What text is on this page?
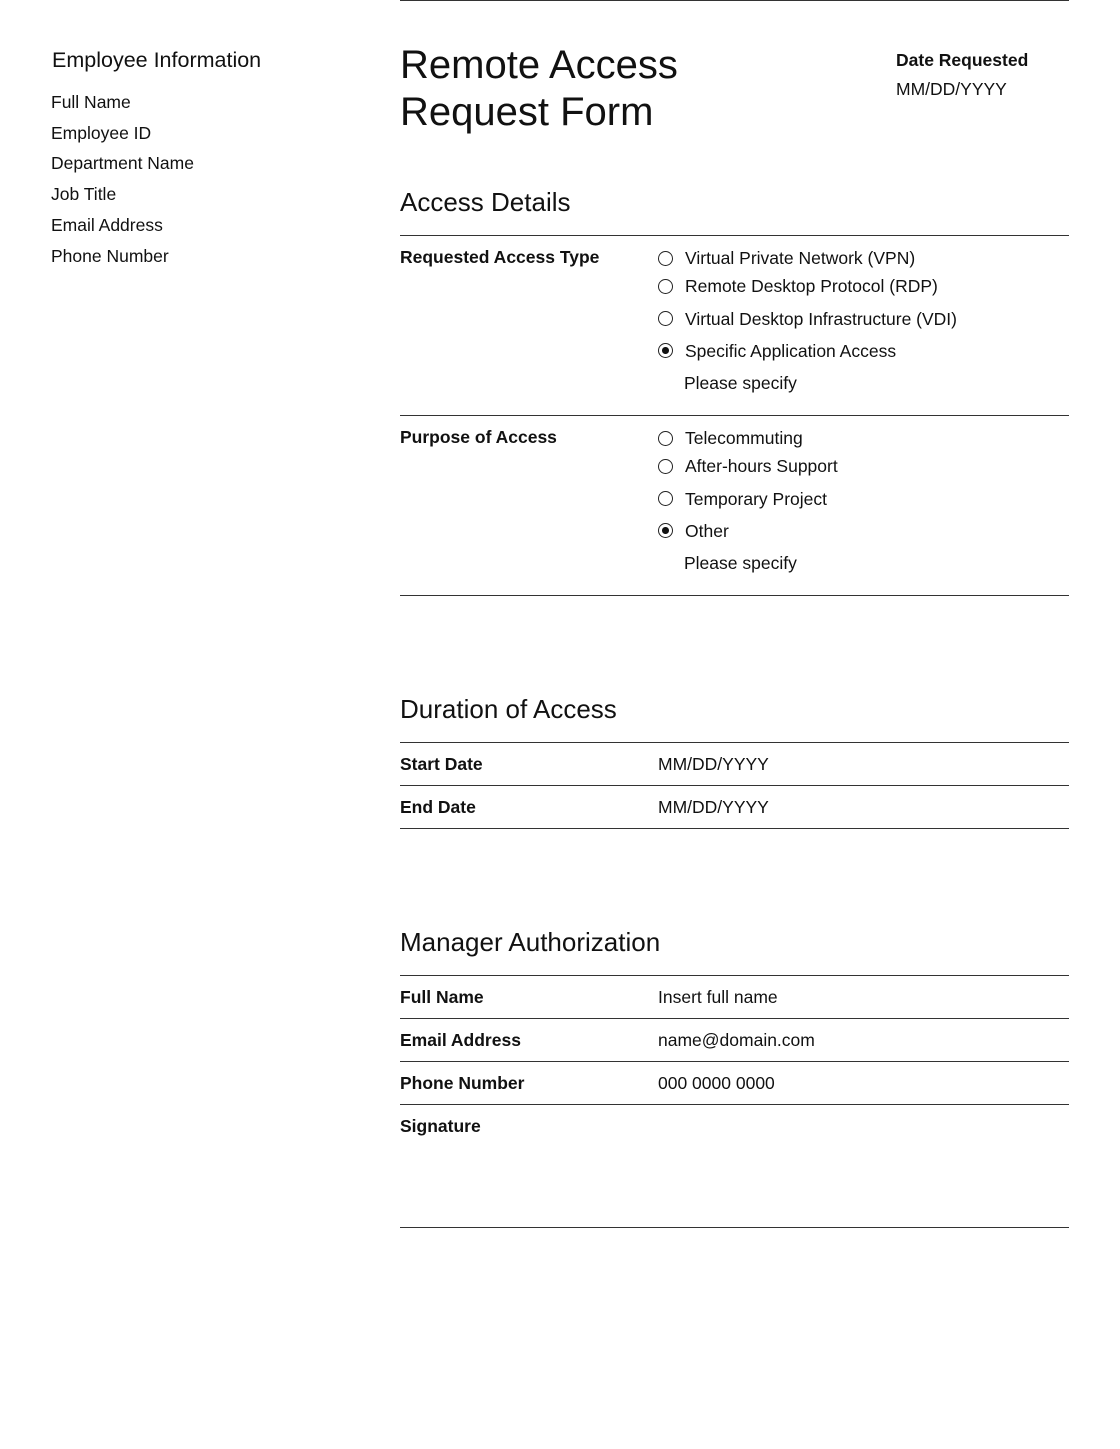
Employee Information
Full Name
Employee ID
Department Name
Job Title
Email Address
Phone Number
Remote Access
Request Form
Date Requested
MM/DD/YYYY
Access Details
Requested Access Type	Virtual Private Network (VPN)
Remote Desktop Protocol (RDP)
Virtual Desktop Infrastructure (VDI)
Specific Application Access
Please specify
Purpose of Access	Telecommuting
After-hours Support
Temporary Project
Other
Please specify
Duration of Access
Start Date	MM/DD/YYYY
End Date	MM/DD/YYYY
Manager Authorization
Full Name	Insert full name
Email Address	name@domain.com
Phone Number	000 0000 0000
Signature
